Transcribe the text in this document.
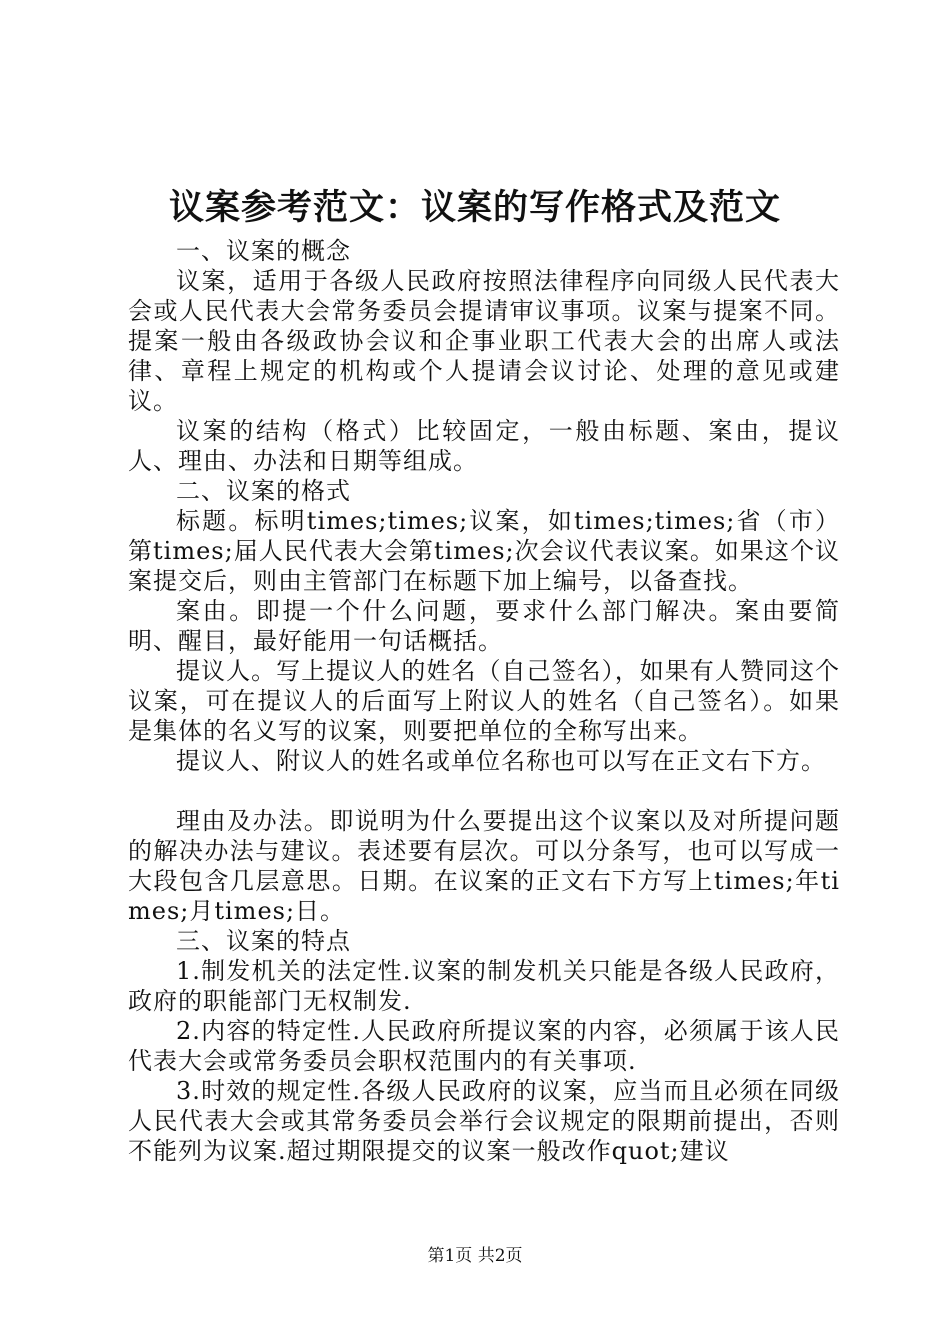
议案参考范文：议案的写作格式及范文

一、议案的概念

议案，适用于各级人民政府按照法律程序向同级人民代表大会或人民代表大会常务委员会提请审议事项。议案与提案不同。提案一般由各级政协会议和企事业职工代表大会的出席人或法律、章程上规定的机构或个人提请会议讨论、处理的意见或建议。

议案的结构（格式）比较固定，一般由标题、案由，提议人、理由、办法和日期等组成。

二、议案的格式

标题。标明times;times;议案，如times;times;省（市）第times;届人民代表大会第times;次会议代表议案。如果这个议案提交后，则由主管部门在标题下加上编号，以备查找。

案由。即提一个什么问题，要求什么部门解决。案由要简明、醒目，最好能用一句话概括。

提议人。写上提议人的姓名（自己签名），如果有人赞同这个议案，可在提议人的后面写上附议人的姓名（自己签名）。如果是集体的名义写的议案，则要把单位的全称写出来。

提议人、附议人的姓名或单位名称也可以写在正文右下方。

理由及办法。即说明为什么要提出这个议案以及对所提问题的解决办法与建议。表述要有层次。可以分条写，也可以写成一大段包含几层意思。日期。在议案的正文右下方写上times;年times;月times;日。

三、议案的特点

1.制发机关的法定性.议案的制发机关只能是各级人民政府，政府的职能部门无权制发.

2.内容的特定性.人民政府所提议案的内容，必须属于该人民代表大会或常务委员会职权范围内的有关事项.

3.时效的规定性.各级人民政府的议案，应当而且必须在同级人民代表大会或其常务委员会举行会议规定的限期前提出，否则不能列为议案.超过期限提交的议案一般改作quot;建议

第1页 共2页
